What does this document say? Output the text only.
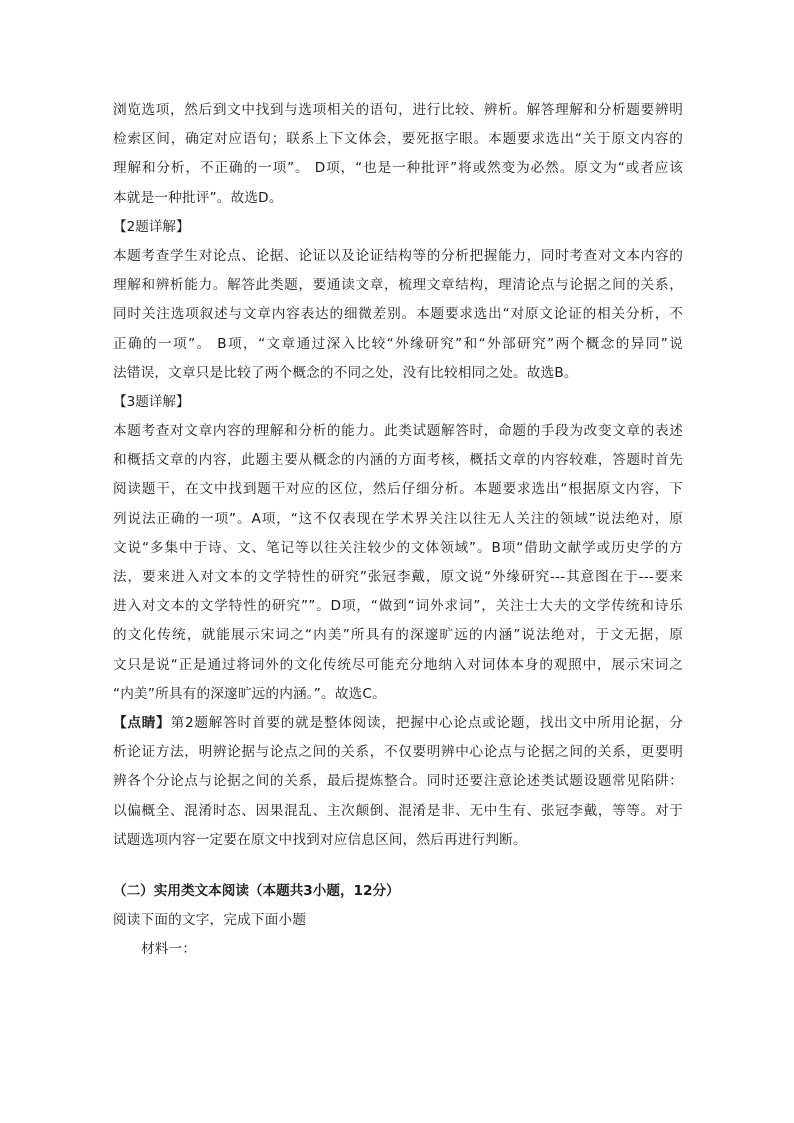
浏览选项，然后到文中找到与选项相关的语句，进行比较、辨析。解答理解和分析题要辨明
检索区间，确定对应语句；联系上下文体会，要死抠字眼。本题要求选出“关于原文内容的
理解和分析，不正确的一项”。 D项，“也是一种批评”将或然变为必然。原文为“或者应该
本就是一种批评”。故选D。
【2题详解】
本题考查学生对论点、论据、论证以及论证结构等的分析把握能力，同时考查对文本内容的
理解和辨析能力。解答此类题，要通读文章，梳理文章结构，理清论点与论据之间的关系，
同时关注选项叙述与文章内容表达的细微差别。本题要求选出“对原文论证的相关分析，不
正确的一项”。 B项，“文章通过深入比较“外缘研究”和“外部研究”两个概念的异同”说
法错误，文章只是比较了两个概念的不同之处，没有比较相同之处。故选B。
【3题详解】
本题考查对文章内容的理解和分析的能力。此类试题解答时，命题的手段为改变文章的表述
和概括文章的内容，此题主要从概念的内涵的方面考核，概括文章的内容较难，答题时首先
阅读题干，在文中找到题干对应的区位，然后仔细分析。本题要求选出“根据原文内容，下
列说法正确的一项”。A项，“这不仅表现在学术界关注以往无人关注的领域”说法绝对，原
文说“多集中于诗、文、笔记等以往关注较少的文体领域”。B项“借助文献学或历史学的方
法，要来进入对文本的文学特性的研究”张冠李戴，原文说“外缘研究---其意图在于---要来
进入对文本的文学特性的研究””。D项，“做到“词外求词”，关注士大夫的文学传统和诗乐
的文化传统，就能展示宋词之“内美”所具有的深邃旷远的内涵”说法绝对，于文无据，原
文只是说“正是通过将词外的文化传统尽可能充分地纳入对词体本身的观照中，展示宋词之
“内美”所具有的深邃旷远的内涵。”。故选C。
【点睛】第2题解答时首要的就是整体阅读，把握中心论点或论题，找出文中所用论据，分
析论证方法，明辨论据与论点之间的关系，不仅要明辨中心论点与论据之间的关系，更要明
辨各个分论点与论据之间的关系，最后提炼整合。同时还要注意论述类试题设题常见陷阱：
以偏概全、混淆时态、因果混乱、主次颠倒、混淆是非、无中生有、张冠李戴，等等。对于
试题选项内容一定要在原文中找到对应信息区间，然后再进行判断。
（二）实用类文本阅读（本题共3小题，12分）
阅读下面的文字，完成下面小题
材料一：
